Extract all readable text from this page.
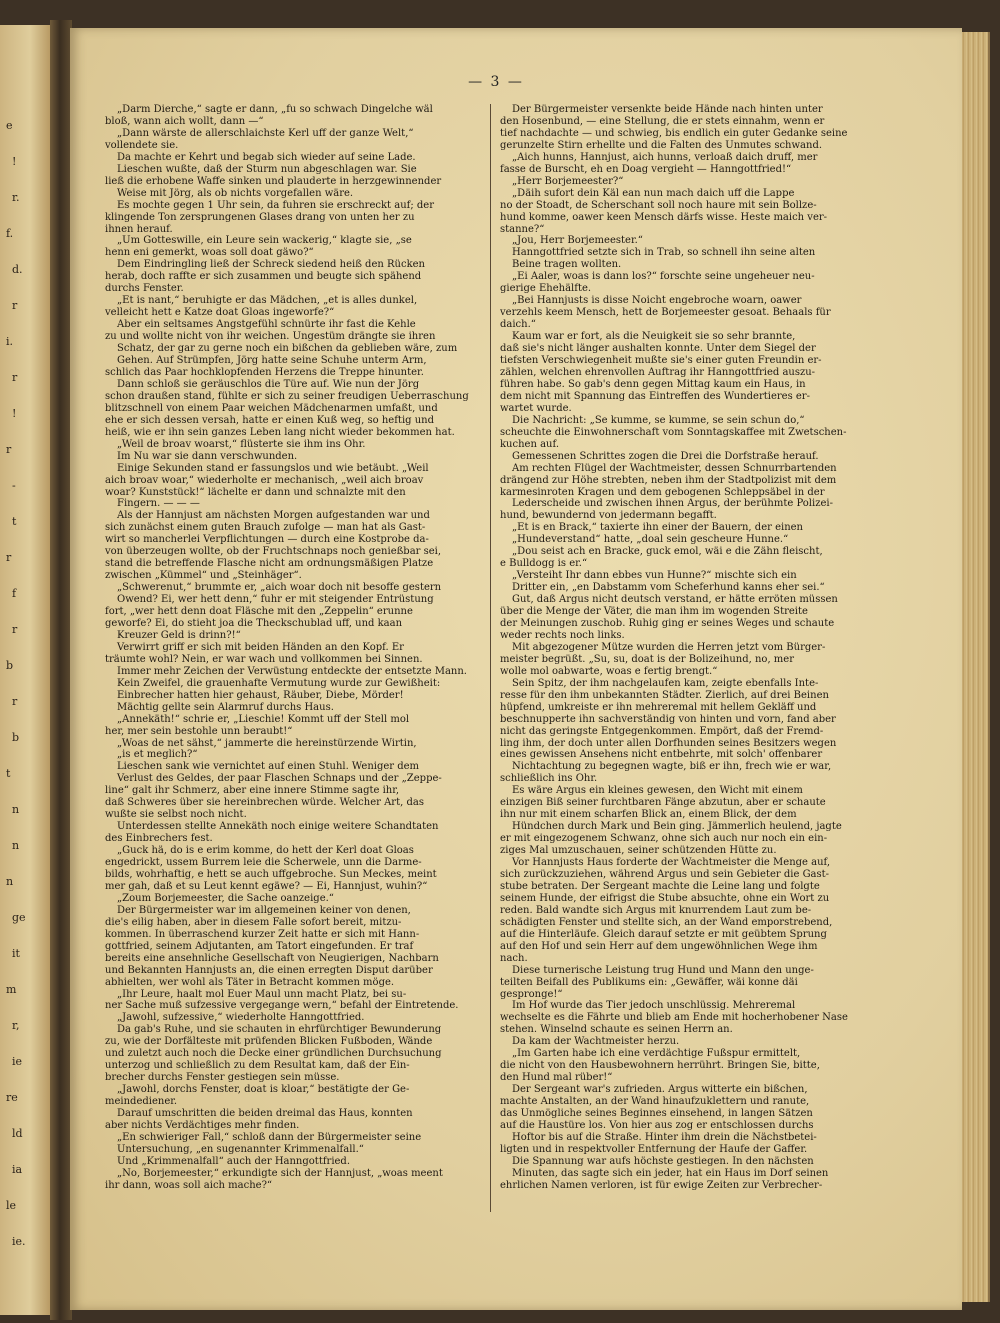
e
!
r.
f.
d.
r
i.
r
!
r
-
t
r
f
r
b
r
b
t
n
n
n
ge
it
m
r,
ie
re
ld
ia
le
ie.
— 3 —

„Darm Dierche,“ sagte er dann, „fu so schwach Dingelche wäl

bloß, wann aich wollt, dann —“

„Dann wärste de allerschlaichste Kerl uff der ganze Welt,“

vollendete sie.

Da machte er Kehrt und begab sich wieder auf seine Lade.

Lieschen wußte, daß der Sturm nun abgeschlagen war. Sie

ließ die erhobene Waffe sinken und plauderte in herzgewinnender

Weise mit Jörg, als ob nichts vorgefallen wäre.

Es mochte gegen 1 Uhr sein, da fuhren sie erschreckt auf; der

klingende Ton zersprungenen Glases drang von unten her zu

ihnen herauf.

„Um Gotteswille, ein Leure sein wackerig,“ klagte sie, „se

henn eni gemerkt, woas soll doat gäwo?“

Dem Eindringling ließ der Schreck siedend heiß den Rücken

herab, doch raffte er sich zusammen und beugte sich spähend

durchs Fenster.

„Et is nant,“ beruhigte er das Mädchen, „et is alles dunkel,

velleicht hett e Katze doat Gloas ingeworfe?“

Aber ein seltsames Angstgefühl schnürte ihr fast die Kehle

zu und wollte nicht von ihr weichen. Ungestüm drängte sie ihren

Schatz, der gar zu gerne noch ein bißchen da geblieben wäre, zum

Gehen. Auf Strümpfen, Jörg hatte seine Schuhe unterm Arm,

schlich das Paar hochklopfenden Herzens die Treppe hinunter.

Dann schloß sie geräuschlos die Türe auf. Wie nun der Jörg

schon draußen stand, fühlte er sich zu seiner freudigen Ueberraschung

blitzschnell von einem Paar weichen Mädchenarmen umfaßt, und

ehe er sich dessen versah, hatte er einen Kuß weg, so heftig und

heiß, wie er ihn sein ganzes Leben lang nicht wieder bekommen hat.

„Weil de broav woarst,“ flüsterte sie ihm ins Ohr.

Im Nu war sie dann verschwunden.

Einige Sekunden stand er fassungslos und wie betäubt. „Weil

aich broav woar,“ wiederholte er mechanisch, „weil aich broav

woar? Kunststück!“ lächelte er dann und schnalzte mit den

Fingern. — — —

Als der Hannjust am nächsten Morgen aufgestanden war und

sich zunächst einem guten Brauch zufolge — man hat als Gast-

wirt so mancherlei Verpflichtungen — durch eine Kostprobe da-

von überzeugen wollte, ob der Fruchtschnaps noch genießbar sei,

stand die betreffende Flasche nicht am ordnungsmäßigen Platze

zwischen „Kümmel“ und „Steinhäger“.

„Schwerenut,“ brummte er, „aich woar doch nit besoffe gestern

Owend? Ei, wer hett denn,“ fuhr er mit steigender Entrüstung

fort, „wer hett denn doat Fläsche mit den „Zeppelin“ erunne

geworfe? Ei, do stieht joa die Theckschublad uff, und kaan

Kreuzer Geld is drinn?!“

Verwirrt griff er sich mit beiden Händen an den Kopf. Er

träumte wohl? Nein, er war wach und vollkommen bei Sinnen.

Immer mehr Zeichen der Verwüstung entdeckte der entsetzte Mann.

Kein Zweifel, die grauenhafte Vermutung wurde zur Gewißheit:

Einbrecher hatten hier gehaust, Räuber, Diebe, Mörder!

Mächtig gellte sein Alarmruf durchs Haus.

„Annekäth!“ schrie er, „Lieschie! Kommt uff der Stell mol

her, mer sein bestohle unn beraubt!“

„Woas de net sähst,“ jammerte die hereinstürzende Wirtin,

„is et meglich?“

Lieschen sank wie vernichtet auf einen Stuhl. Weniger dem

Verlust des Geldes, der paar Flaschen Schnaps und der „Zeppe-

line“ galt ihr Schmerz, aber eine innere Stimme sagte ihr,

daß Schweres über sie hereinbrechen würde. Welcher Art, das

wußte sie selbst noch nicht.

Unterdessen stellte Annekäth noch einige weitere Schandtaten

des Einbrechers fest.

„Guck hä, do is e erim komme, do hett der Kerl doat Gloas

engedrickt, ussem Burrem leie die Scherwele, unn die Darme-

bilds, wohrhaftig, e hett se auch uffgebroche. Sun Meckes, meint

mer gah, daß et su Leut kennt egäwe? — Ei, Hannjust, wuhin?“

„Zoum Borjemeester, die Sache oanzeige.“

Der Bürgermeister war im allgemeinen keiner von denen,

die's eilig haben, aber in diesem Falle sofort bereit, mitzu-

kommen. In überraschend kurzer Zeit hatte er sich mit Hann-

gottfried, seinem Adjutanten, am Tatort eingefunden. Er traf

bereits eine ansehnliche Gesellschaft von Neugierigen, Nachbarn

und Bekannten Hannjusts an, die einen erregten Disput darüber

abhielten, wer wohl als Täter in Betracht kommen möge.

„Ihr Leure, haalt mol Euer Maul unn macht Platz, bei su-

ner Sache muß sufzessive vergegange wern,“ befahl der Eintretende.

„Jawohl, sufzessive,“ wiederholte Hanngottfried.

Da gab's Ruhe, und sie schauten in ehrfürchtiger Bewunderung

zu, wie der Dorfälteste mit prüfenden Blicken Fußboden, Wände

und zuletzt auch noch die Decke einer gründlichen Durchsuchung

unterzog und schließlich zu dem Resultat kam, daß der Ein-

brecher durchs Fenster gestiegen sein müsse.

„Jawohl, dorchs Fenster, doat is kloar,“ bestätigte der Ge-

meindediener.

Darauf umschritten die beiden dreimal das Haus, konnten

aber nichts Verdächtiges mehr finden.

„En schwieriger Fall,“ schloß dann der Bürgermeister seine

Untersuchung, „en sugenannter Krimmenalfall.“

Und „Krimmenalfall“ auch der Hanngottfried.

„No, Borjemeester,“ erkundigte sich der Hannjust, „woas meent

ihr dann, woas soll aich mache?“

Der Bürgermeister versenkte beide Hände nach hinten unter

den Hosenbund, — eine Stellung, die er stets einnahm, wenn er

tief nachdachte — und schwieg, bis endlich ein guter Gedanke seine

gerunzelte Stirn erhellte und die Falten des Unmutes schwand.

„Aich hunns, Hannjust, aich hunns, verloaß daich druff, mer

fasse de Burscht, eh en Doag vergieht — Hanngottfried!“

„Herr Borjemeester?“

„Däih sufort dein Käl ean nun mach daich uff die Lappe

no der Stoadt, de Scherschant soll noch haure mit sein Bollze-

hund komme, oawer keen Mensch därfs wisse. Heste maich ver-

stanne?“

„Jou, Herr Borjemeester.“

Hanngottfried setzte sich in Trab, so schnell ihn seine alten

Beine tragen wollten.

„Ei Aaler, woas is dann los?“ forschte seine ungeheuer neu-

gierige Ehehälfte.

„Bei Hannjusts is disse Noicht engebroche woarn, oawer

verzehls keem Mensch, hett de Borjemeester gesoat. Behaals für

daich.“

Kaum war er fort, als die Neuigkeit sie so sehr brannte,

daß sie's nicht länger aushalten konnte. Unter dem Siegel der

tiefsten Verschwiegenheit mußte sie's einer guten Freundin er-

zählen, welchen ehrenvollen Auftrag ihr Hanngottfried auszu-

führen habe. So gab's denn gegen Mittag kaum ein Haus, in

dem nicht mit Spannung das Eintreffen des Wundertieres er-

wartet wurde.

Die Nachricht: „Se kumme, se kumme, se sein schun do,“

scheuchte die Einwohnerschaft vom Sonntagskaffee mit Zwetschen-

kuchen auf.

Gemessenen Schrittes zogen die Drei die Dorfstraße herauf.

Am rechten Flügel der Wachtmeister, dessen Schnurrbartenden

drängend zur Höhe strebten, neben ihm der Stadtpolizist mit dem

karmesinroten Kragen und dem gebogenen Schleppsäbel in der

Lederscheide und zwischen ihnen Argus, der berühmte Polizei-

hund, bewundernd von jedermann begafft.

„Et is en Brack,“ taxierte ihn einer der Bauern, der einen

„Hundeverstand“ hatte, „doal sein gescheure Hunne.“

„Dou seist ach en Bracke, guck emol, wäi e die Zähn fleischt,

e Bulldogg is er.“

„Versteiht Ihr dann ebbes vun Hunne?“ mischte sich ein

Dritter ein, „en Dabstamm vom Scheferhund kanns eher sei.“

Gut, daß Argus nicht deutsch verstand, er hätte erröten müssen

über die Menge der Väter, die man ihm im wogenden Streite

der Meinungen zuschob. Ruhig ging er seines Weges und schaute

weder rechts noch links.

Mit abgezogener Mütze wurden die Herren jetzt vom Bürger-

meister begrüßt. „Su, su, doat is der Bolizeihund, no, mer

wolle mol oabwarte, woas e fertig brengt.“

Sein Spitz, der ihm nachgelaufen kam, zeigte ebenfalls Inte-

resse für den ihm unbekannten Städter. Zierlich, auf drei Beinen

hüpfend, umkreiste er ihn mehreremal mit hellem Gekläff und

beschnupperte ihn sachverständig von hinten und vorn, fand aber

nicht das geringste Entgegenkommen. Empört, daß der Fremd-

ling ihm, der doch unter allen Dorfhunden seines Besitzers wegen

eines gewissen Ansehens nicht entbehrte, mit solch' offenbarer

Nichtachtung zu begegnen wagte, biß er ihn, frech wie er war,

schließlich ins Ohr.

Es wäre Argus ein kleines gewesen, den Wicht mit einem

einzigen Biß seiner furchtbaren Fänge abzutun, aber er schaute

ihn nur mit einem scharfen Blick an, einem Blick, der dem

Hündchen durch Mark und Bein ging. Jämmerlich heulend, jagte

er mit eingezogenem Schwanz, ohne sich auch nur noch ein ein-

ziges Mal umzuschauen, seiner schützenden Hütte zu.

Vor Hannjusts Haus forderte der Wachtmeister die Menge auf,

sich zurückzuziehen, während Argus und sein Gebieter die Gast-

stube betraten. Der Sergeant machte die Leine lang und folgte

seinem Hunde, der eifrigst die Stube absuchte, ohne ein Wort zu

reden. Bald wandte sich Argus mit knurrendem Laut zum be-

schädigten Fenster und stellte sich, an der Wand emporstrebend,

auf die Hinterläufe. Gleich darauf setzte er mit geübtem Sprung

auf den Hof und sein Herr auf dem ungewöhnlichen Wege ihm

nach.

Diese turnerische Leistung trug Hund und Mann den unge-

teilten Beifall des Publikums ein: „Gewäffer, wäi konne däi

gespronge!“

Im Hof wurde das Tier jedoch unschlüssig. Mehreremal

wechselte es die Fährte und blieb am Ende mit hocherhobener Nase

stehen. Winselnd schaute es seinen Herrn an.

Da kam der Wachtmeister herzu.

„Im Garten habe ich eine verdächtige Fußspur ermittelt,

die nicht von den Hausbewohnern herrührt. Bringen Sie, bitte,

den Hund mal rüber!“

Der Sergeant war's zufrieden. Argus witterte ein bißchen,

machte Anstalten, an der Wand hinaufzuklettern und ranute,

das Unmögliche seines Beginnes einsehend, in langen Sätzen

auf die Haustüre los. Von hier aus zog er entschlossen durchs

Hoftor bis auf die Straße. Hinter ihm drein die Nächstbetei-

ligten und in respektvoller Entfernung der Haufe der Gaffer.

Die Spannung war aufs höchste gestiegen. In den nächsten

Minuten, das sagte sich ein jeder, hat ein Haus im Dorf seinen

ehrlichen Namen verloren, ist für ewige Zeiten zur Verbrecher-
